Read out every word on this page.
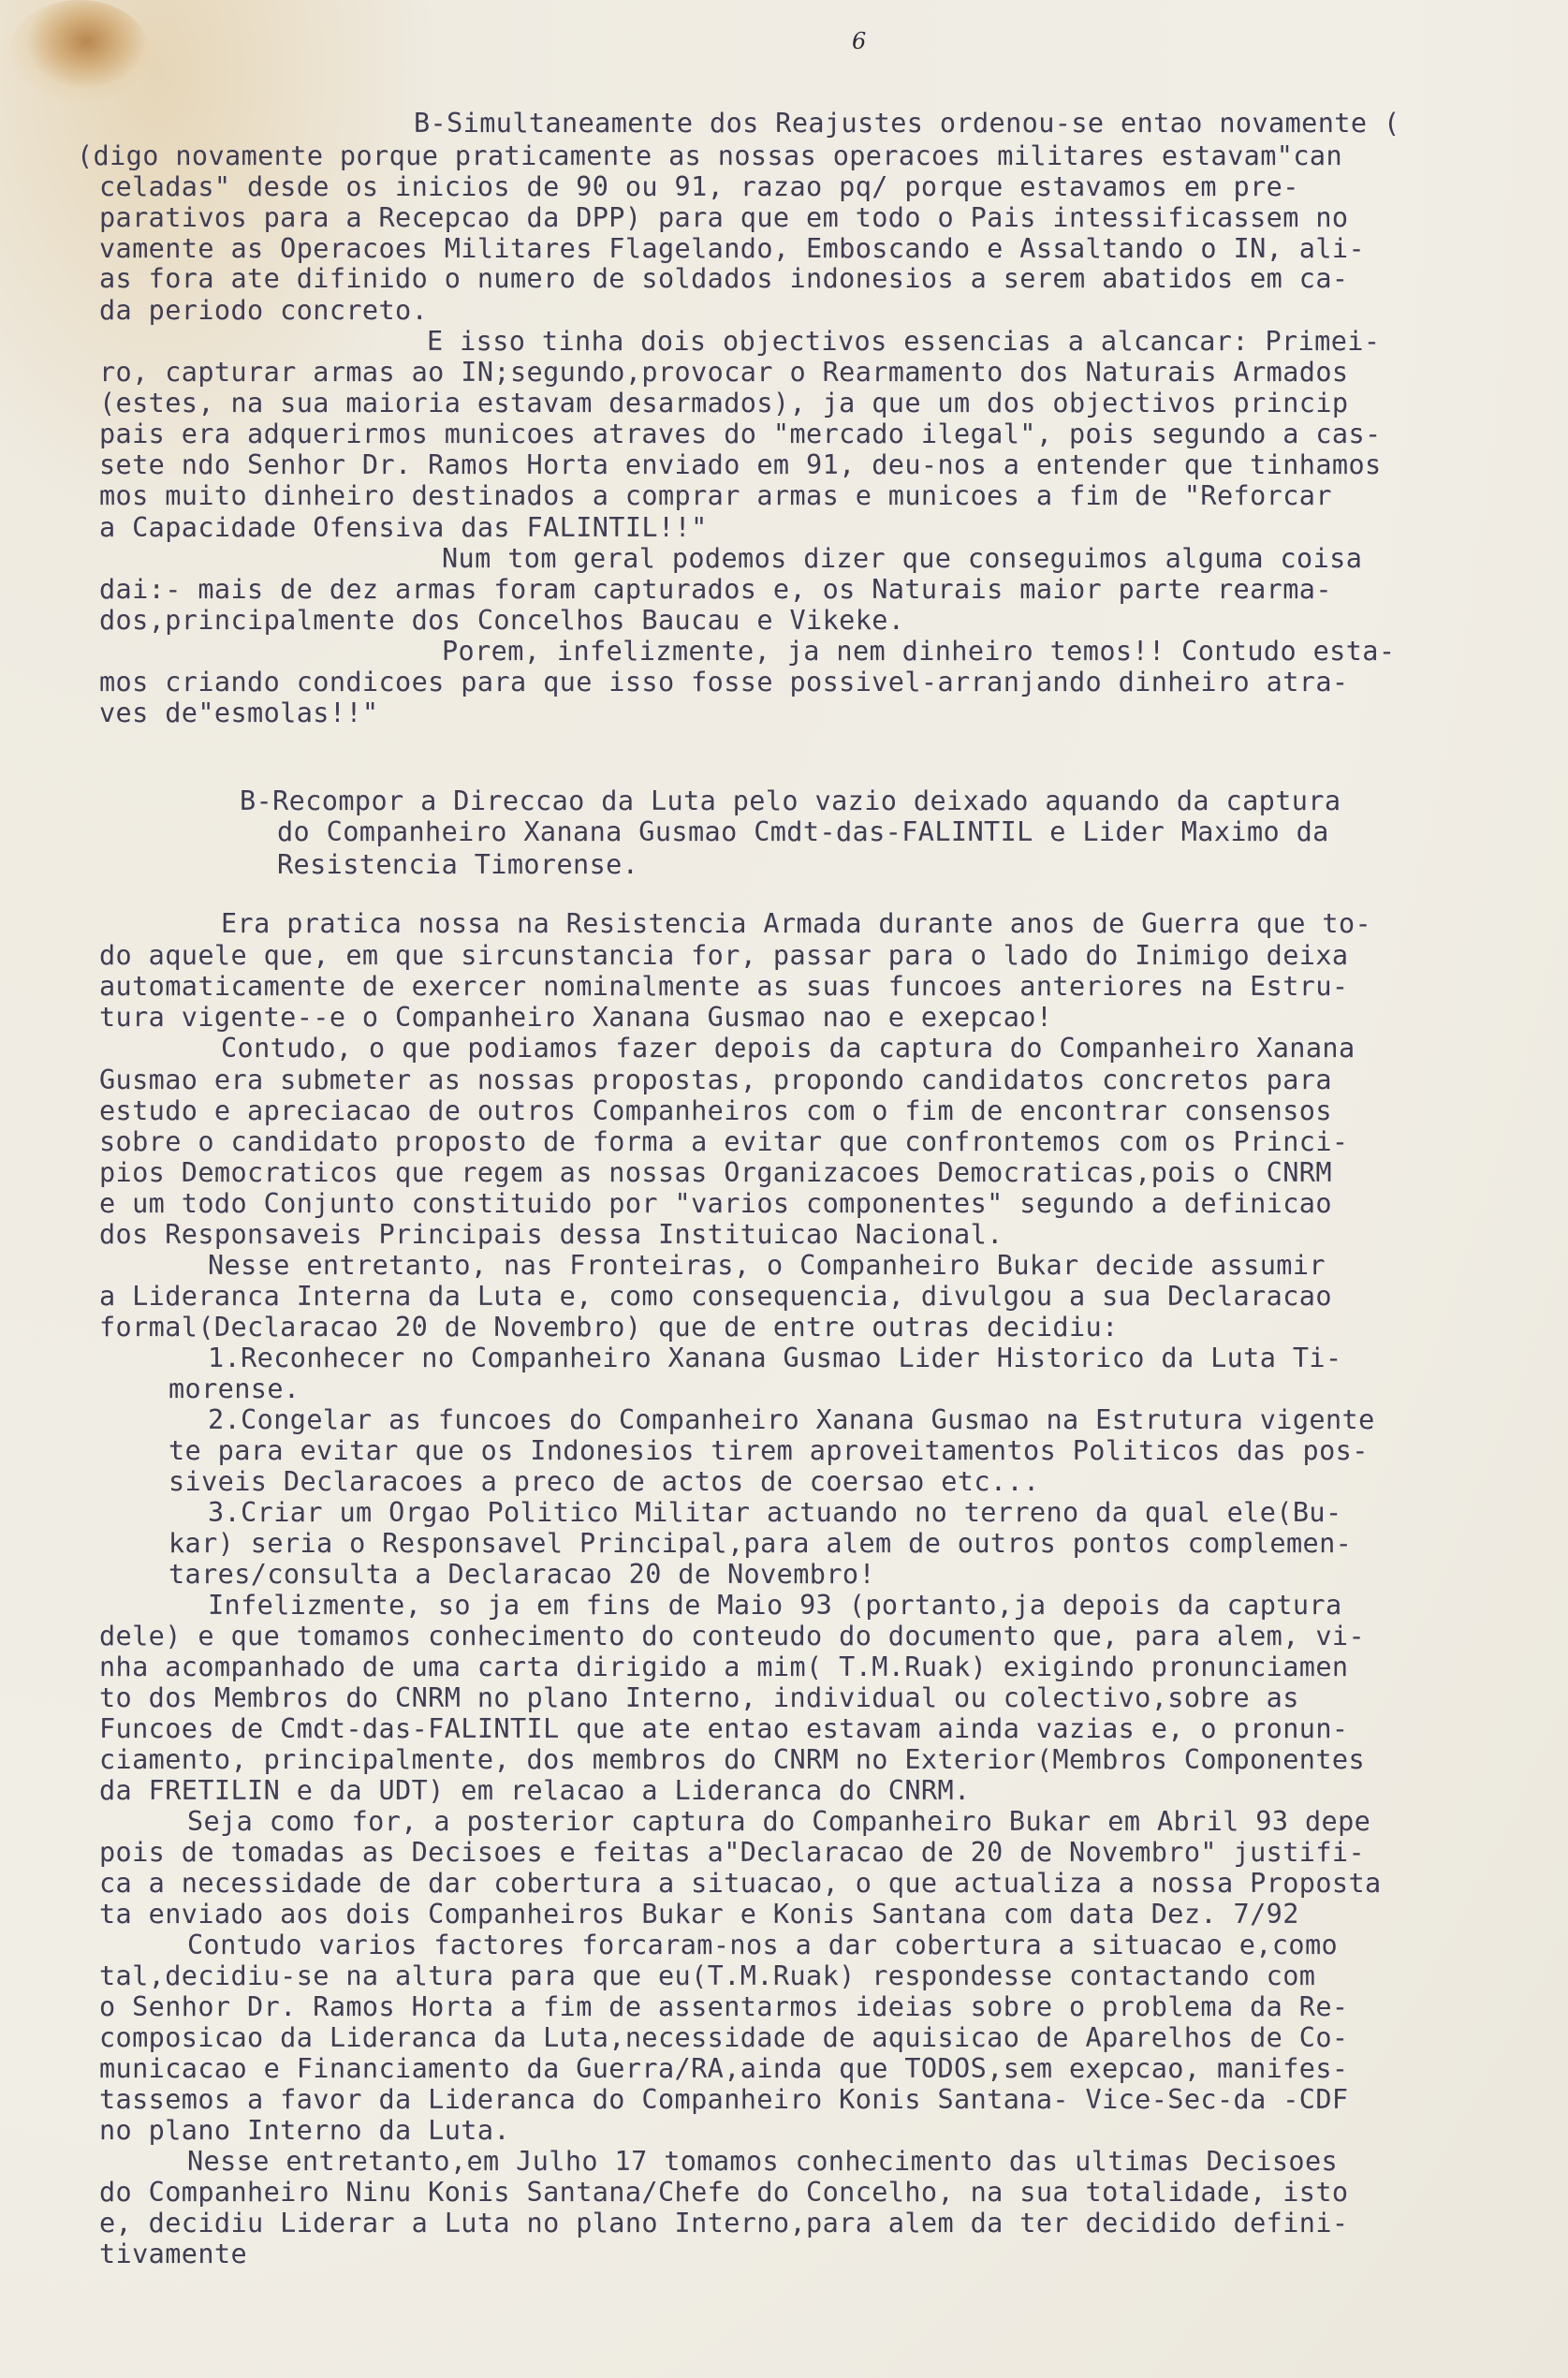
6
B-Simultaneamente dos Reajustes ordenou-se entao novamente (
(digo novamente porque praticamente as nossas operacoes militares estavam"can
celadas" desde os inicios de 90 ou 91, razao pq/ porque estavamos em pre-
parativos para a Recepcao da DPP) para que em todo o Pais intessificassem no
vamente as Operacoes Militares Flagelando, Emboscando e Assaltando o IN, ali-
as fora ate difinido o numero de soldados indonesios a serem abatidos em ca-
da periodo concreto.
E isso tinha dois objectivos essencias a alcancar: Primei-
ro, capturar armas ao IN;segundo,provocar o Rearmamento dos Naturais Armados
(estes, na sua maioria estavam desarmados), ja que um dos objectivos princip
pais era adquerirmos municoes atraves do "mercado ilegal", pois segundo a cas-
sete ndo Senhor Dr. Ramos Horta enviado em 91, deu-nos a entender que tinhamos
mos muito dinheiro destinados a comprar armas e municoes a fim de "Reforcar
a Capacidade Ofensiva das FALINTIL!!"
Num tom geral podemos dizer que conseguimos alguma coisa
dai:- mais de dez armas foram capturados e, os Naturais maior parte rearma-
dos,principalmente dos Concelhos Baucau e Vikeke.
Porem, infelizmente, ja nem dinheiro temos!! Contudo esta-
mos criando condicoes para que isso fosse possivel-arranjando dinheiro atra-
ves de"esmolas!!"
B-Recompor a Direccao da Luta pelo vazio deixado aquando da captura
do Companheiro Xanana Gusmao Cmdt-das-FALINTIL e Lider Maximo da
Resistencia Timorense.
Era pratica nossa na Resistencia Armada durante anos de Guerra que to-
do aquele que, em que sircunstancia for, passar para o lado do Inimigo deixa
automaticamente de exercer nominalmente as suas funcoes anteriores na Estru-
tura vigente--e o Companheiro Xanana Gusmao nao e exepcao!
Contudo, o que podiamos fazer depois da captura do Companheiro Xanana
Gusmao era submeter as nossas propostas, propondo candidatos concretos para
estudo e apreciacao de outros Companheiros com o fim de encontrar consensos
sobre o candidato proposto de forma a evitar que confrontemos com os Princi-
pios Democraticos que regem as nossas Organizacoes Democraticas,pois o CNRM
e um todo Conjunto constituido por "varios componentes" segundo a definicao
dos Responsaveis Principais dessa Instituicao Nacional.
Nesse entretanto, nas Fronteiras, o Companheiro Bukar decide assumir
a Lideranca Interna da Luta e, como consequencia, divulgou a sua Declaracao
formal(Declaracao 20 de Novembro) que de entre outras decidiu:
1.Reconhecer no Companheiro Xanana Gusmao Lider Historico da Luta Ti-
morense.
2.Congelar as funcoes do Companheiro Xanana Gusmao na Estrutura vigente
te para evitar que os Indonesios tirem aproveitamentos Politicos das pos-
siveis Declaracoes a preco de actos de coersao etc...
3.Criar um Orgao Politico Militar actuando no terreno da qual ele(Bu-
kar) seria o Responsavel Principal,para alem de outros pontos complemen-
tares/consulta a Declaracao 20 de Novembro!
Infelizmente, so ja em fins de Maio 93 (portanto,ja depois da captura
dele) e que tomamos conhecimento do conteudo do documento que, para alem, vi-
nha acompanhado de uma carta dirigido a mim( T.M.Ruak) exigindo pronunciamen
to dos Membros do CNRM no plano Interno, individual ou colectivo,sobre as
Funcoes de Cmdt-das-FALINTIL que ate entao estavam ainda vazias e, o pronun-
ciamento, principalmente, dos membros do CNRM no Exterior(Membros Componentes
da FRETILIN e da UDT) em relacao a Lideranca do CNRM.
Seja como for, a posterior captura do Companheiro Bukar em Abril 93 depe
pois de tomadas as Decisoes e feitas a"Declaracao de 20 de Novembro" justifi-
ca a necessidade de dar cobertura a situacao, o que actualiza a nossa Proposta
ta enviado aos dois Companheiros Bukar e Konis Santana com data Dez. 7/92
Contudo varios factores forcaram-nos a dar cobertura a situacao e,como
tal,decidiu-se na altura para que eu(T.M.Ruak) respondesse contactando com
o Senhor Dr. Ramos Horta a fim de assentarmos ideias sobre o problema da Re-
composicao da Lideranca da Luta,necessidade de aquisicao de Aparelhos de Co-
municacao e Financiamento da Guerra/RA,ainda que TODOS,sem exepcao, manifes-
tassemos a favor da Lideranca do Companheiro Konis Santana- Vice-Sec-da -CDF
no plano Interno da Luta.
Nesse entretanto,em Julho 17 tomamos conhecimento das ultimas Decisoes
do Companheiro Ninu Konis Santana/Chefe do Concelho, na sua totalidade, isto
e, decidiu Liderar a Luta no plano Interno,para alem da ter decidido defini-
tivamente
